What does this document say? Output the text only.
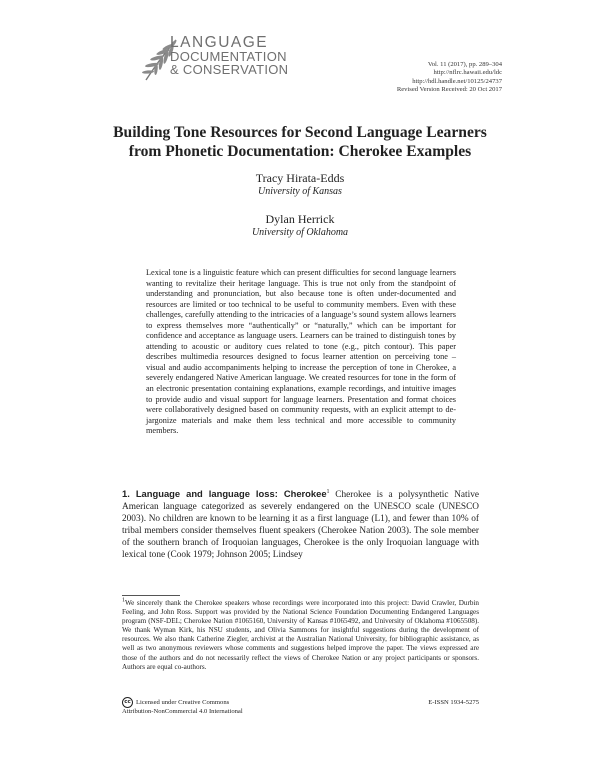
LANGUAGE
DOCUMENTATION
& CONSERVATION	Vol. 11 (2017), pp. 289–304
http://nflrc.hawaii.edu/ldc
http://hdl.handle.net/10125/24737
Revised Version Received: 20 Oct 2017
Building Tone Resources for Second Language Learners
from Phonetic Documentation: Cherokee Examples
Tracy Hirata-Edds
University of Kansas
Dylan Herrick
University of Oklahoma
Lexical tone is a linguistic feature which can present difficulties for second language learners wanting to revitalize their heritage language. This is true not only from the standpoint of understanding and pronunciation, but also because tone is often under-documented and resources are limited or too technical to be useful to community members. Even with these challenges, carefully attending to the intricacies of a language’s sound system allows learners to express themselves more “authentically” or “naturally,” which can be important for confidence and acceptance as language users. Learners can be trained to distinguish tones by attending to acoustic or auditory cues related to tone (e.g., pitch contour). This paper describes multimedia resources designed to focus learner attention on perceiving tone – visual and audio accompaniments helping to increase the perception of tone in Cherokee, a severely endangered Native American language. We created resources for tone in the form of an electronic presentation containing explanations, example recordings, and intuitive images to provide audio and visual support for language learners. Presentation and format choices were collaboratively designed based on community requests, with an explicit attempt to de-jargonize materials and make them less technical and more accessible to community members.
1. Language and language loss: Cherokee$^1$ Cherokee is a polysynthetic Native American language categorized as severely endangered on the UNESCO scale (UNESCO 2003). No children are known to be learning it as a first language (L1), and fewer than 10% of tribal members consider themselves fluent speakers (Cherokee Nation 2003). The sole member of the southern branch of Iroquoian languages, Cherokee is the only Iroquoian language with lexical tone (Cook 1979; Johnson 2005; Lindsey
$^1$We sincerely thank the Cherokee speakers whose recordings were incorporated into this project: David Crawler, Durbin Feeling, and John Ross. Support was provided by the National Science Foundation Documenting Endangered Languages program (NSF-DEL; Cherokee Nation #1065160, University of Kansas #1065492, and University of Oklahoma #1065508). We thank Wyman Kirk, his NSU students, and Olivia Sammons for insightful suggestions during the development of resources. We also thank Catherine Ziegler, archivist at the Australian National University, for bibliographic assistance, as well as two anonymous reviewers whose comments and suggestions helped improve the paper. The views expressed are those of the authors and do not necessarily reflect the views of Cherokee Nation or any project participants or sponsors. Authors are equal co-authors.
cc Licensed under Creative Commons
Attribution-NonCommercial 4.0 International
E-ISSN 1934-5275
